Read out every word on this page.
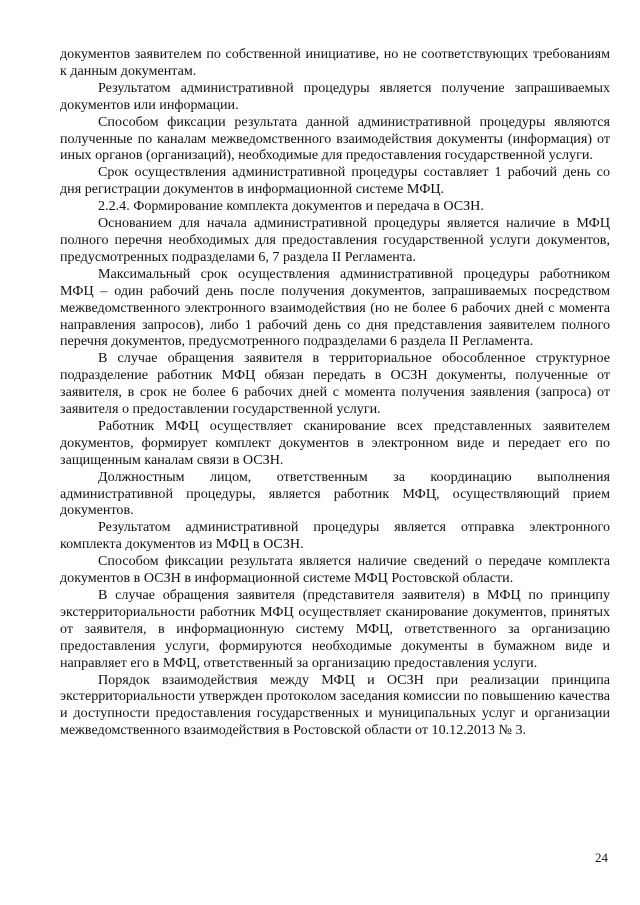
документов заявителем по собственной инициативе, но не соответствующих требованиям к данным документам.

Результатом административной процедуры является получение запрашиваемых документов или информации.

Способом фиксации результата данной административной процедуры являются полученные по каналам межведомственного взаимодействия документы (информация) от иных органов (организаций), необходимые для предоставления государственной услуги.

Срок осуществления административной процедуры составляет 1 рабочий день со дня регистрации документов в информационной системе МФЦ.

2.2.4. Формирование комплекта документов и передача в ОСЗН.

Основанием для начала административной процедуры является наличие в МФЦ полного перечня необходимых для предоставления государственной услуги документов, предусмотренных подразделами 6, 7 раздела II Регламента.

Максимальный срок осуществления административной процедуры работником МФЦ – один рабочий день после получения документов, запрашиваемых посредством межведомственного электронного взаимодействия (но не более 6 рабочих дней с момента направления запросов), либо 1 рабочий день со дня представления заявителем полного перечня документов, предусмотренного подразделами 6 раздела II Регламента.

В случае обращения заявителя в территориальное обособленное структурное подразделение работник МФЦ обязан передать в ОСЗН документы, полученные от заявителя, в срок не более 6 рабочих дней с момента получения заявления (запроса) от заявителя о предоставлении государственной услуги.

Работник МФЦ осуществляет сканирование всех представленных заявителем документов, формирует комплект документов в электронном виде и передает его по защищенным каналам связи в ОСЗН.

Должностным лицом, ответственным за координацию выполнения административной процедуры, является работник МФЦ, осуществляющий прием документов.

Результатом административной процедуры является отправка электронного комплекта документов из МФЦ в ОСЗН.

Способом фиксации результата является наличие сведений о передаче комплекта документов в ОСЗН в информационной системе МФЦ Ростовской области.

В случае обращения заявителя (представителя заявителя) в МФЦ по принципу экстерриториальности работник МФЦ осуществляет сканирование документов, принятых от заявителя, в информационную систему МФЦ, ответственного за организацию предоставления услуги, формируются необходимые документы в бумажном виде и направляет его в МФЦ, ответственный за организацию предоставления услуги.

Порядок взаимодействия между МФЦ и ОСЗН при реализации принципа экстерриториальности утвержден протоколом заседания комиссии по повышению качества и доступности предоставления государственных и муниципальных услуг и организации межведомственного взаимодействия в Ростовской области от 10.12.2013 № 3.

24
